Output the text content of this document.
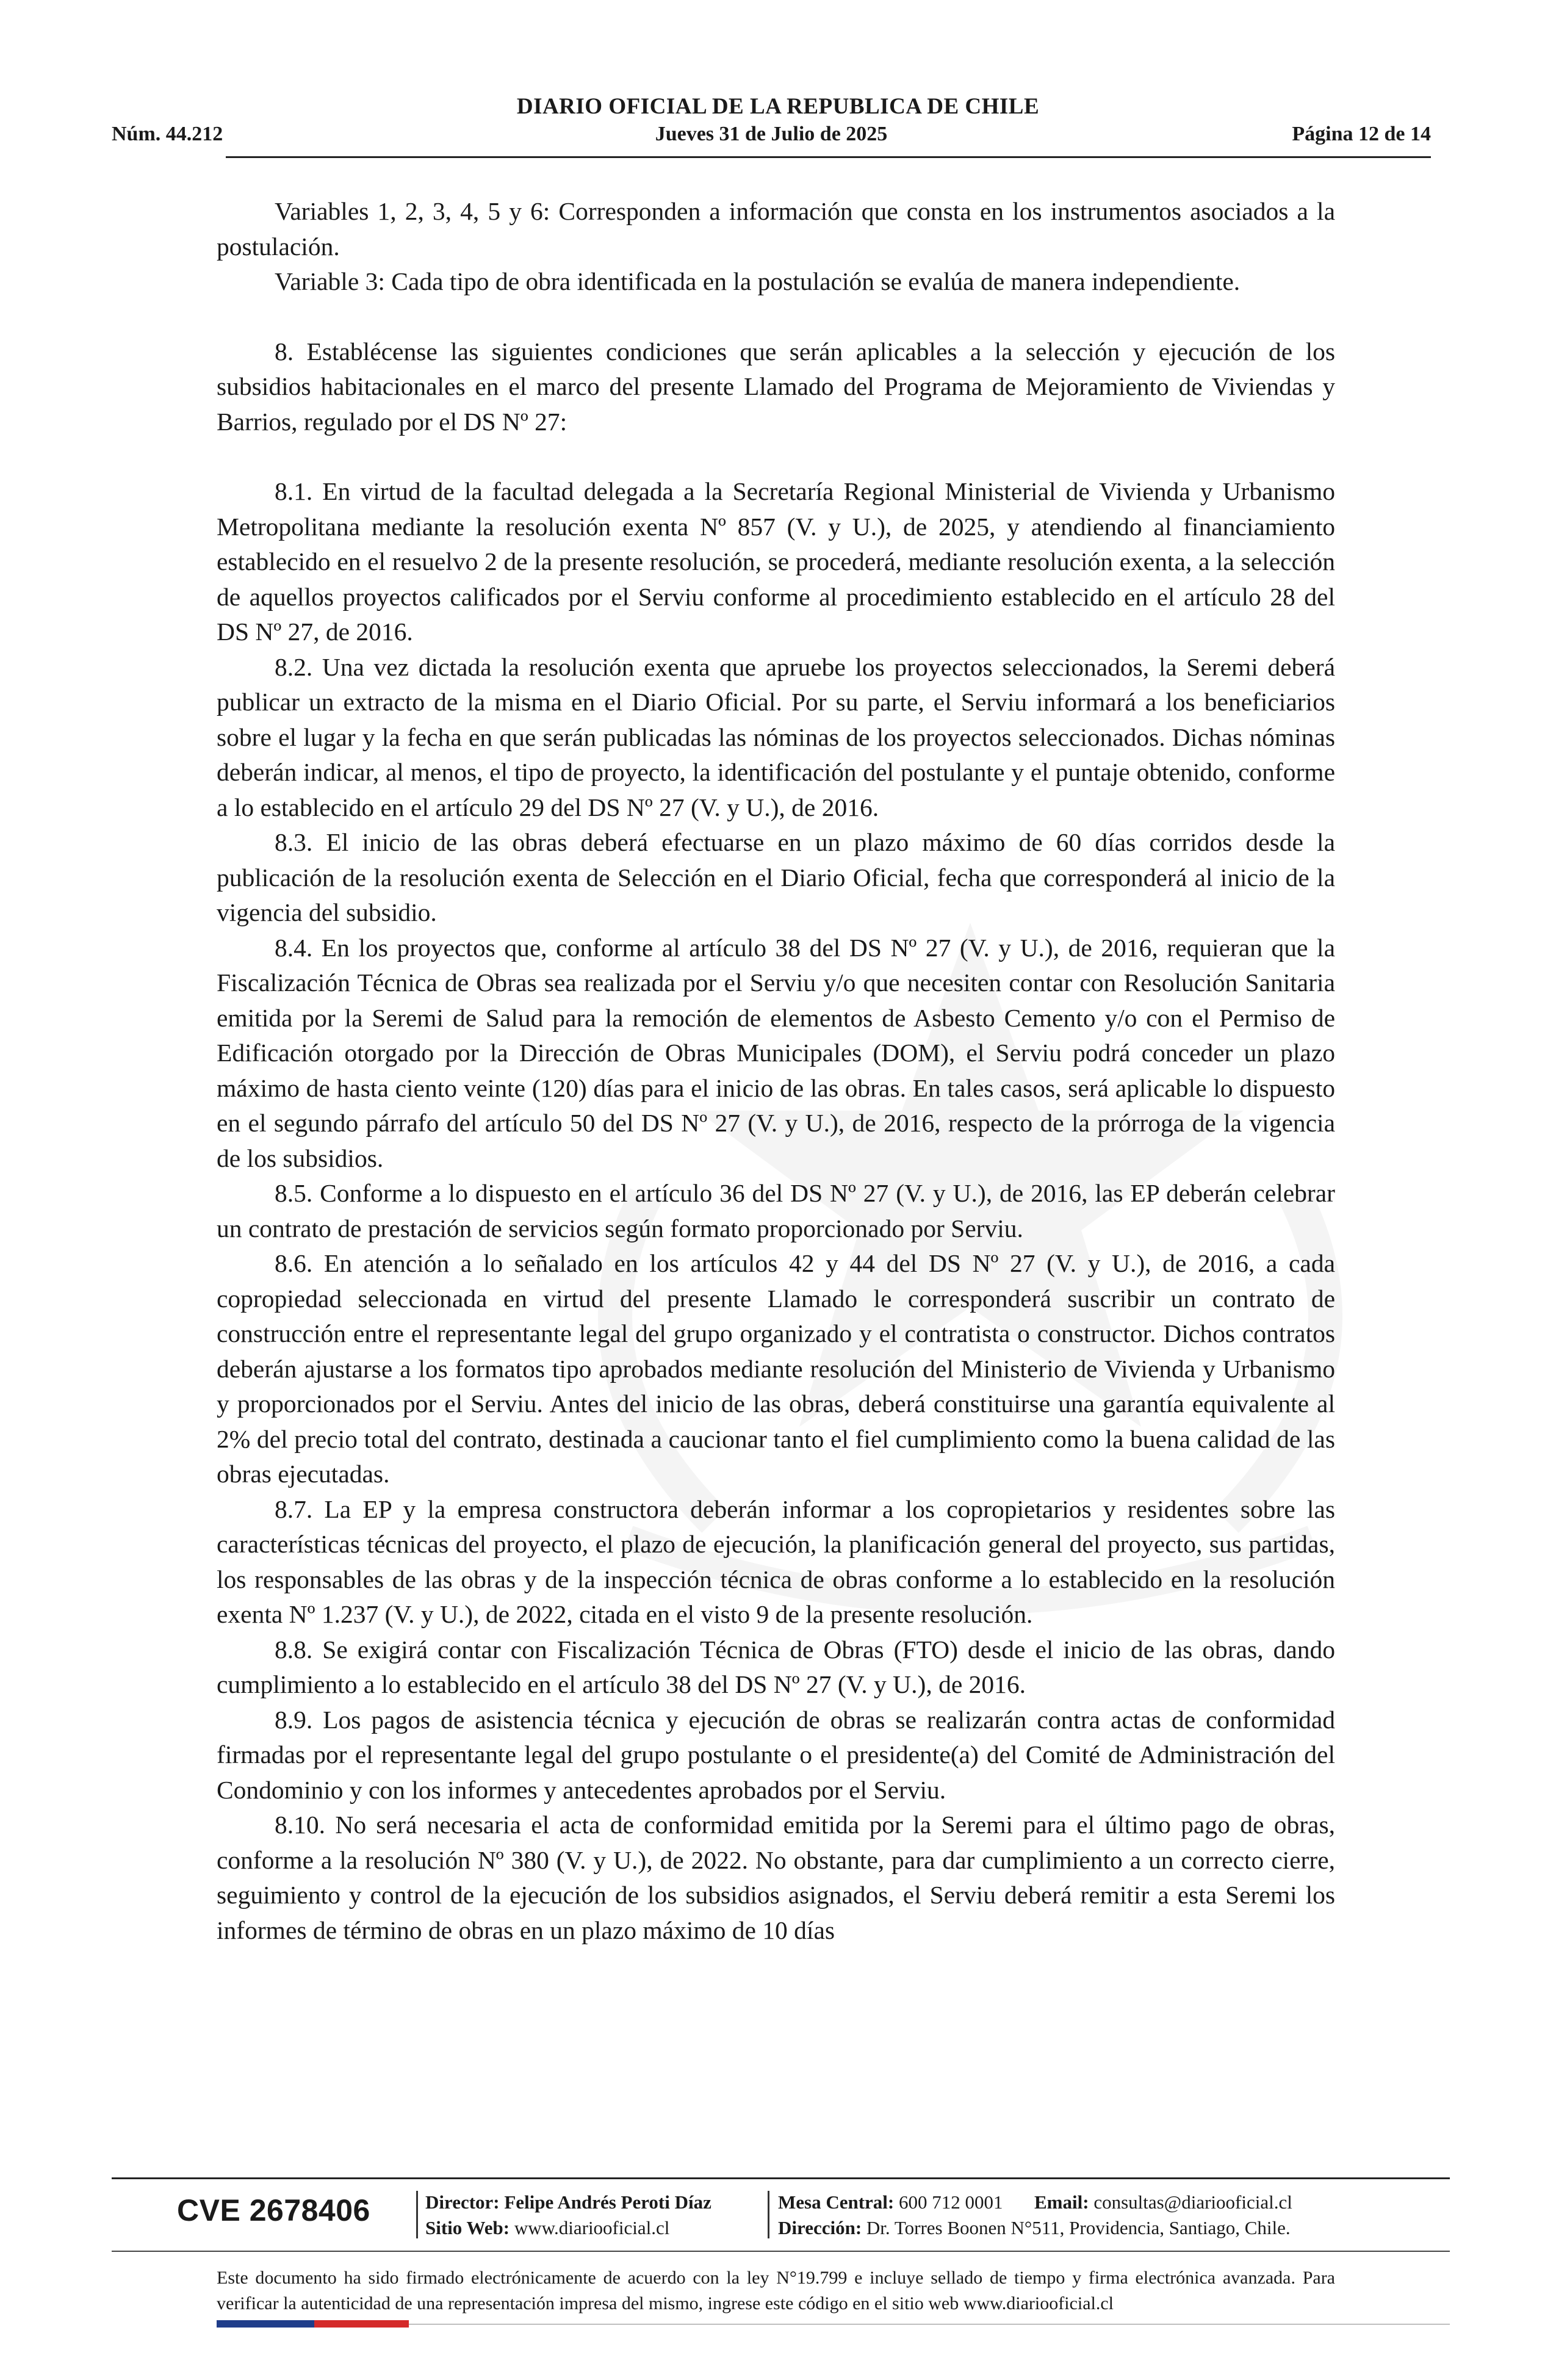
DIARIO OFICIAL DE LA REPUBLICA DE CHILE
Núm. 44.212	Jueves 31 de Julio de 2025	Página 12 de 14

Variables 1, 2, 3, 4, 5 y 6: Corresponden a información que consta en los instrumentos asociados a la postulación.

Variable 3: Cada tipo de obra identificada en la postulación se evalúa de manera independiente.

8. Establécense las siguientes condiciones que serán aplicables a la selección y ejecución de los subsidios habitacionales en el marco del presente Llamado del Programa de Mejoramiento de Viviendas y Barrios, regulado por el DS Nº 27:

8.1. En virtud de la facultad delegada a la Secretaría Regional Ministerial de Vivienda y Urbanismo Metropolitana mediante la resolución exenta Nº 857 (V. y U.), de 2025, y atendiendo al financiamiento establecido en el resuelvo 2 de la presente resolución, se procederá, mediante resolución exenta, a la selección de aquellos proyectos calificados por el Serviu conforme al procedimiento establecido en el artículo 28 del DS Nº 27, de 2016.

8.2. Una vez dictada la resolución exenta que apruebe los proyectos seleccionados, la Seremi deberá publicar un extracto de la misma en el Diario Oficial. Por su parte, el Serviu informará a los beneficiarios sobre el lugar y la fecha en que serán publicadas las nóminas de los proyectos seleccionados. Dichas nóminas deberán indicar, al menos, el tipo de proyecto, la identificación del postulante y el puntaje obtenido, conforme a lo establecido en el artículo 29 del DS Nº 27 (V. y U.), de 2016.

8.3. El inicio de las obras deberá efectuarse en un plazo máximo de 60 días corridos desde la publicación de la resolución exenta de Selección en el Diario Oficial, fecha que corresponderá al inicio de la vigencia del subsidio.

8.4. En los proyectos que, conforme al artículo 38 del DS Nº 27 (V. y U.), de 2016, requieran que la Fiscalización Técnica de Obras sea realizada por el Serviu y/o que necesiten contar con Resolución Sanitaria emitida por la Seremi de Salud para la remoción de elementos de Asbesto Cemento y/o con el Permiso de Edificación otorgado por la Dirección de Obras Municipales (DOM), el Serviu podrá conceder un plazo máximo de hasta ciento veinte (120) días para el inicio de las obras. En tales casos, será aplicable lo dispuesto en el segundo párrafo del artículo 50 del DS Nº 27 (V. y U.), de 2016, respecto de la prórroga de la vigencia de los subsidios.

8.5. Conforme a lo dispuesto en el artículo 36 del DS Nº 27 (V. y U.), de 2016, las EP deberán celebrar un contrato de prestación de servicios según formato proporcionado por Serviu.

8.6. En atención a lo señalado en los artículos 42 y 44 del DS Nº 27 (V. y U.), de 2016, a cada copropiedad seleccionada en virtud del presente Llamado le corresponderá suscribir un contrato de construcción entre el representante legal del grupo organizado y el contratista o constructor. Dichos contratos deberán ajustarse a los formatos tipo aprobados mediante resolución del Ministerio de Vivienda y Urbanismo y proporcionados por el Serviu. Antes del inicio de las obras, deberá constituirse una garantía equivalente al 2% del precio total del contrato, destinada a caucionar tanto el fiel cumplimiento como la buena calidad de las obras ejecutadas.

8.7. La EP y la empresa constructora deberán informar a los copropietarios y residentes sobre las características técnicas del proyecto, el plazo de ejecución, la planificación general del proyecto, sus partidas, los responsables de las obras y de la inspección técnica de obras conforme a lo establecido en la resolución exenta Nº 1.237 (V. y U.), de 2022, citada en el visto 9 de la presente resolución.

8.8. Se exigirá contar con Fiscalización Técnica de Obras (FTO) desde el inicio de las obras, dando cumplimiento a lo establecido en el artículo 38 del DS Nº 27 (V. y U.), de 2016.

8.9. Los pagos de asistencia técnica y ejecución de obras se realizarán contra actas de conformidad firmadas por el representante legal del grupo postulante o el presidente(a) del Comité de Administración del Condominio y con los informes y antecedentes aprobados por el Serviu.

8.10. No será necesaria el acta de conformidad emitida por la Seremi para el último pago de obras, conforme a la resolución Nº 380 (V. y U.), de 2022. No obstante, para dar cumplimiento a un correcto cierre, seguimiento y control de la ejecución de los subsidios asignados, el Serviu deberá remitir a esta Seremi los informes de término de obras en un plazo máximo de 10 días

CVE 2678406	Director: Felipe Andrés Peroti Díaz
Sitio Web: www.diariooficial.cl
Mesa Central: 600 712 0001 Email: consultas@diariooficial.cl
Dirección: Dr. Torres Boonen N°511, Providencia, Santiago, Chile.
Este documento ha sido firmado electrónicamente de acuerdo con la ley N°19.799 e incluye sellado de tiempo y firma electrónica avanzada. Para verificar la autenticidad de una representación impresa del mismo, ingrese este código en el sitio web www.diariooficial.cl
